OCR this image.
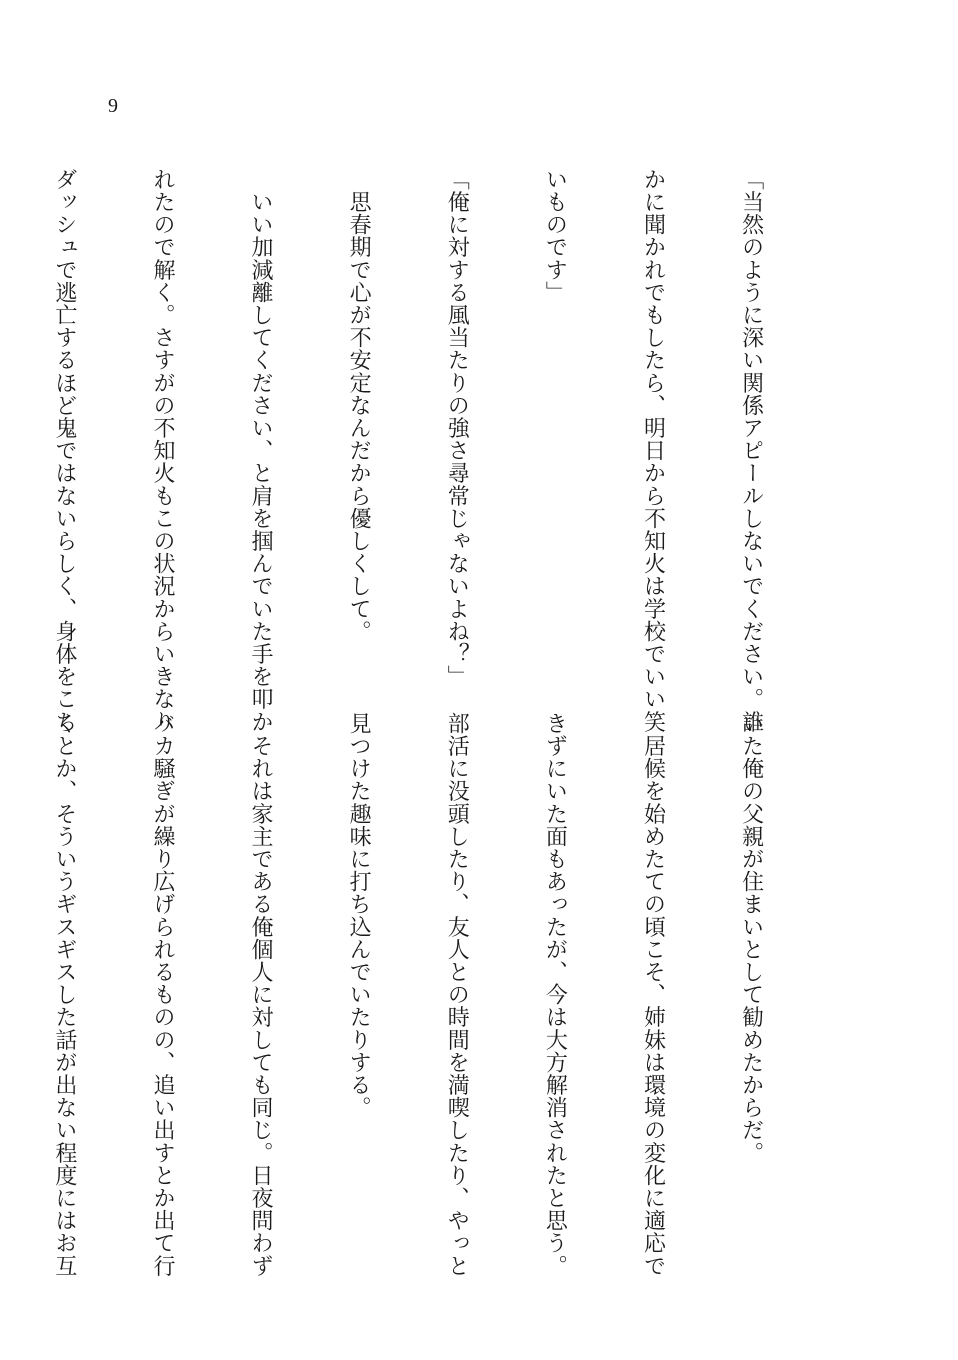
9

「当然のように深い関係アピールしないでください。誰

かに聞かれでもしたら、明日から不知火は学校でいい笑

いものです」

「俺に対する風当たりの強さ尋常じゃないよね？」

　思春期で心が不安定なんだから優しくして。

　いい加減離してください、と肩を掴んでいた手を叩か

れたので解く。さすがの不知火もこの状況からいきなり

ダッシュで逃亡するほど鬼ではないらしく、身体をこち

いた俺の父親が住まいとして勧めたからだ。

　居候を始めたての頃こそ、姉妹は環境の変化に適応で

きずにいた面もあったが、今は大方解消されたと思う。

部活に没頭したり、友人との時間を満喫したり、やっと

見つけた趣味に打ち込んでいたりする。

　それは家主である俺個人に対しても同じ。日夜問わず

バカ騒ぎが繰り広げられるものの、追い出すとか出て行

くとか、そういうギスギスした話が出ない程度にはお互
